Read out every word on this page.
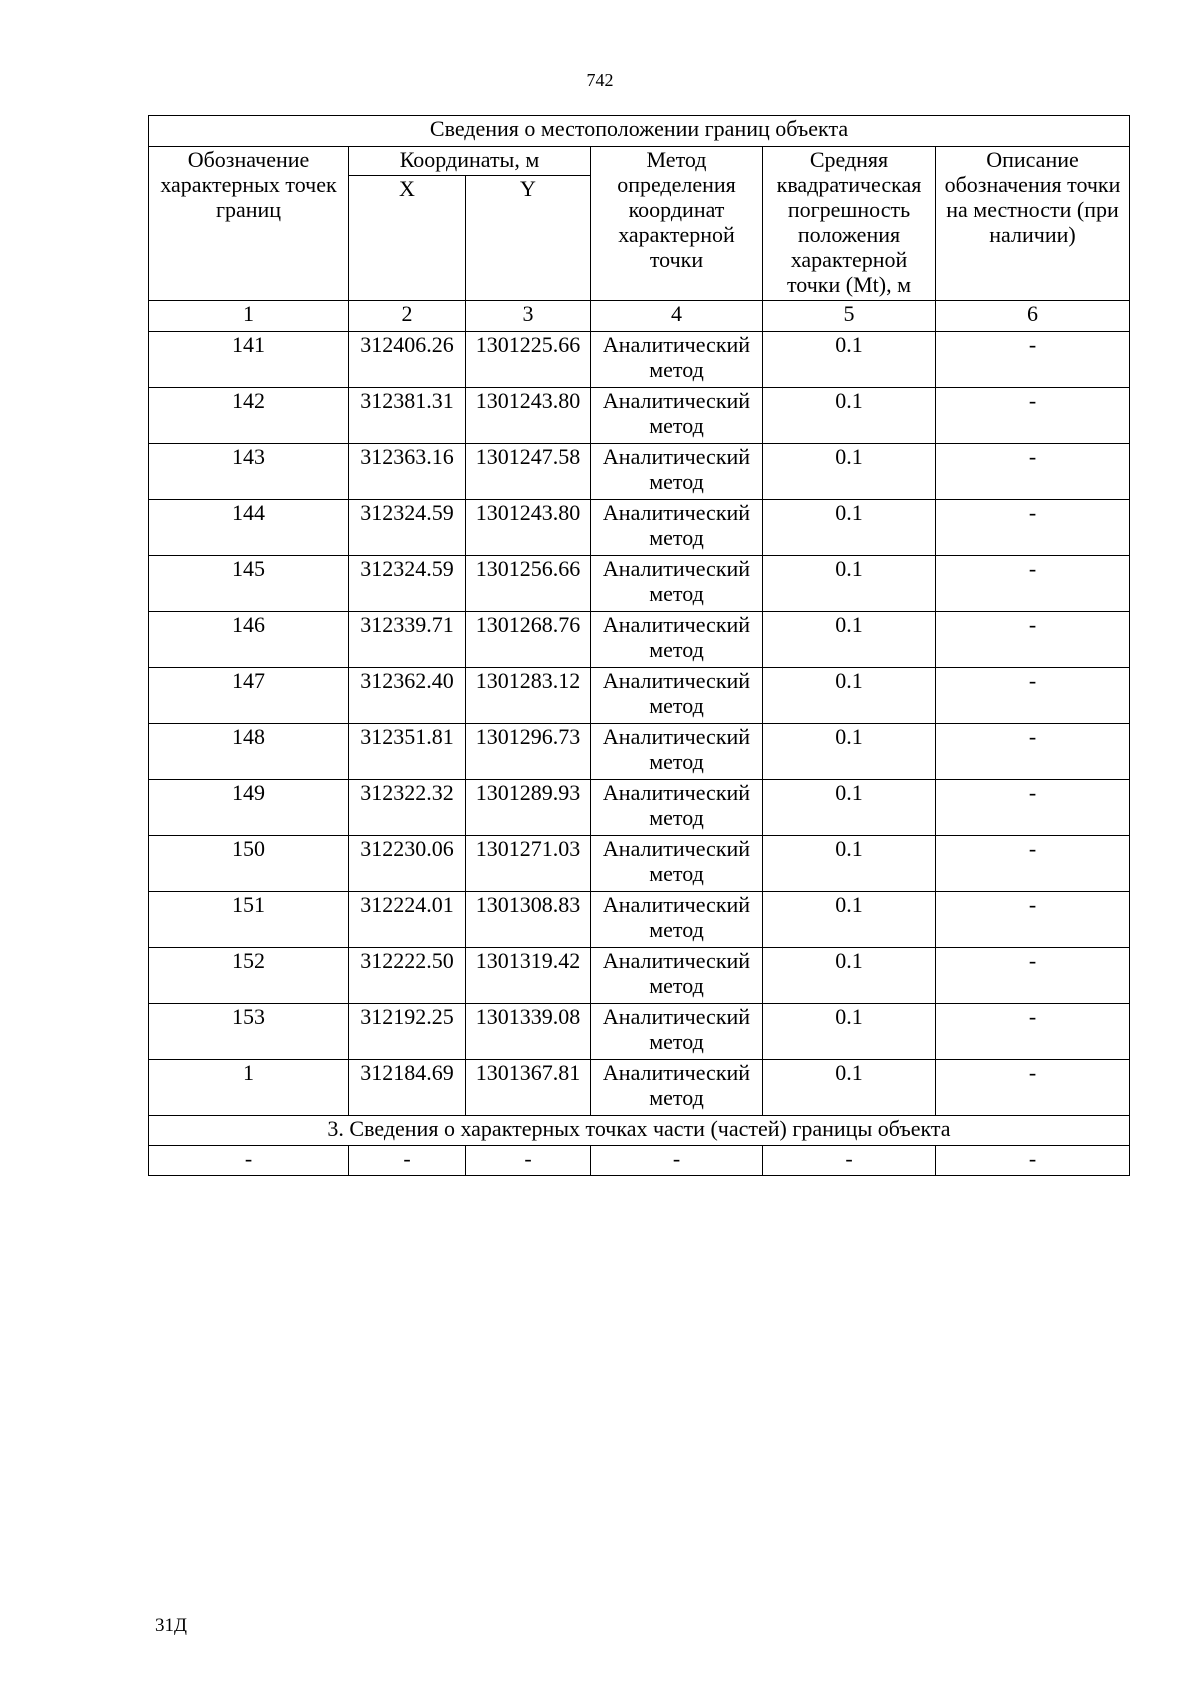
742
Сведения о местоположении границ объекта					
Обозначение характерных точек границ	Координаты, м		Метод определения координат характерной точки	Средняя квадратическая погрешность положения характерной точки (Mt), м	Описание обозначения точки на местности (при наличии)
	X	Y			
1	2	3	4	5	6
141	312406.26	1301225.66	Аналитический метод	0.1	-
142	312381.31	1301243.80	Аналитический метод	0.1	-
143	312363.16	1301247.58	Аналитический метод	0.1	-
144	312324.59	1301243.80	Аналитический метод	0.1	-
145	312324.59	1301256.66	Аналитический метод	0.1	-
146	312339.71	1301268.76	Аналитический метод	0.1	-
147	312362.40	1301283.12	Аналитический метод	0.1	-
148	312351.81	1301296.73	Аналитический метод	0.1	-
149	312322.32	1301289.93	Аналитический метод	0.1	-
150	312230.06	1301271.03	Аналитический метод	0.1	-
151	312224.01	1301308.83	Аналитический метод	0.1	-
152	312222.50	1301319.42	Аналитический метод	0.1	-
153	312192.25	1301339.08	Аналитический метод	0.1	-
1	312184.69	1301367.81	Аналитический метод	0.1	-
3. Сведения о характерных точках части (частей) границы объекта					
-	-	-	-	-	-
31Д
